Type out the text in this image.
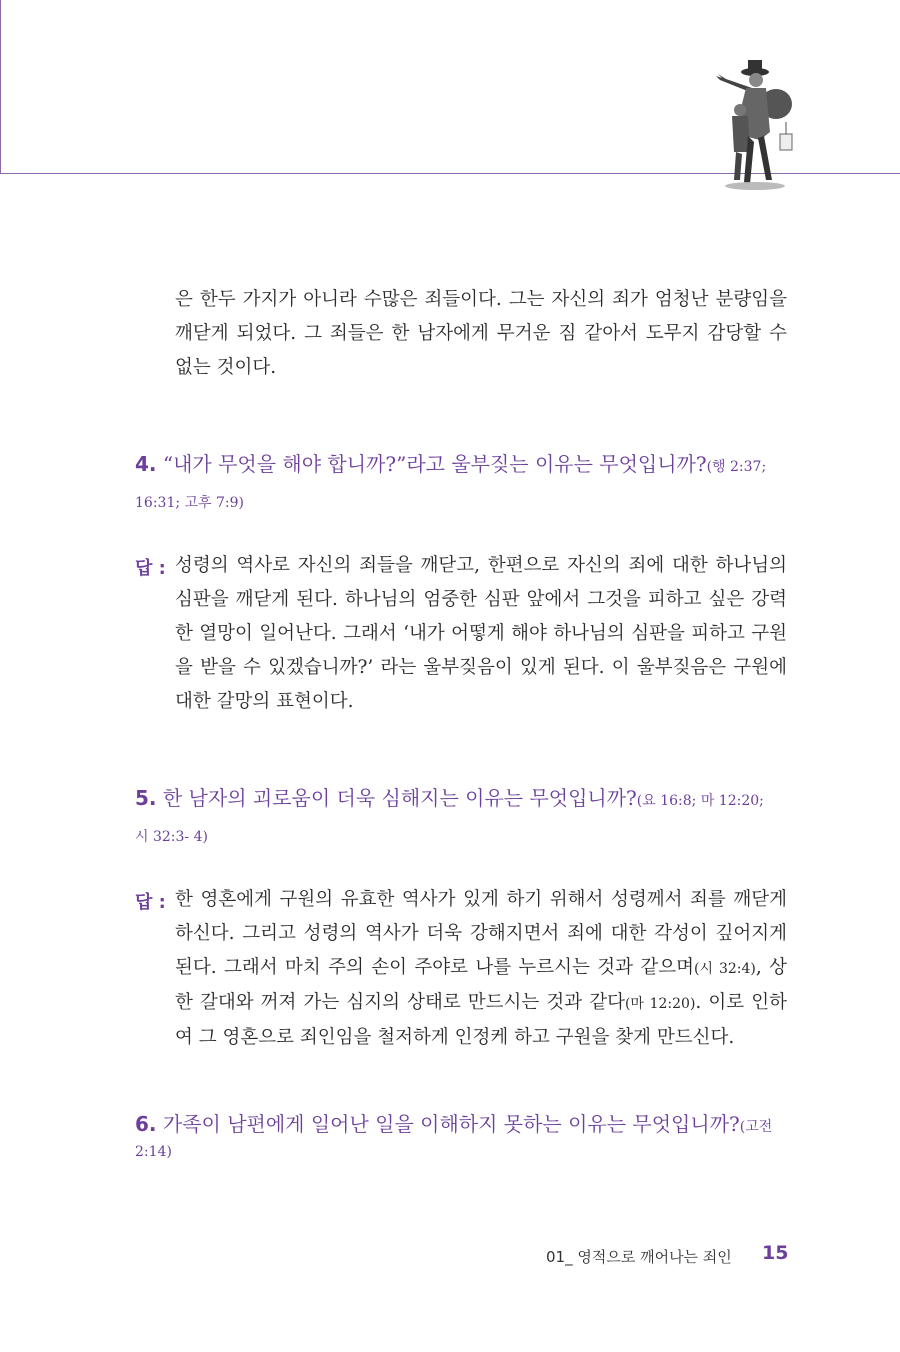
은 한두 가지가 아니라 수많은 죄들이다. 그는 자신의 죄가 엄청난 분량임을 깨닫게 되었다. 그 죄들은 한 남자에게 무거운 짐 같아서 도무지 감당할 수 없는 것이다.

4. “내가 무엇을 해야 합니까?”라고 울부짖는 이유는 무엇입니까?(행 2:37;

16:31; 고후 7:9)
답 : 성령의 역사로 자신의 죄들을 깨닫고, 한편으로 자신의 죄에 대한 하나님의 심판을 깨닫게 된다. 하나님의 엄중한 심판 앞에서 그것을 피하고 싶은 강력한 열망이 일어난다. 그래서 ‘내가 어떻게 해야 하나님의 심판을 피하고 구원을 받을 수 있겠습니까?’ 라는 울부짖음이 있게 된다. 이 울부짖음은 구원에 대한 갈망의 표현이다.

5. 한 남자의 괴로움이 더욱 심해지는 이유는 무엇입니까?(요 16:8; 마 12:20;

시 32:3- 4)
답 : 한 영혼에게 구원의 유효한 역사가 있게 하기 위해서 성령께서 죄를 깨닫게 하신다. 그리고 성령의 역사가 더욱 강해지면서 죄에 대한 각성이 깊어지게 된다. 그래서 마치 주의 손이 주야로 나를 누르시는 것과 같으며(시 32:4), 상한 갈대와 꺼져 가는 심지의 상태로 만드시는 것과 같다(마 12:20). 이로 인하여 그 영혼으로 죄인임을 철저하게 인정케 하고 구원을 찾게 만드신다.

6. 가족이 남편에게 일어난 일을 이해하지 못하는 이유는 무엇입니까?(고전 2:14)

01_ 영적으로 깨어나는 죄인 15
